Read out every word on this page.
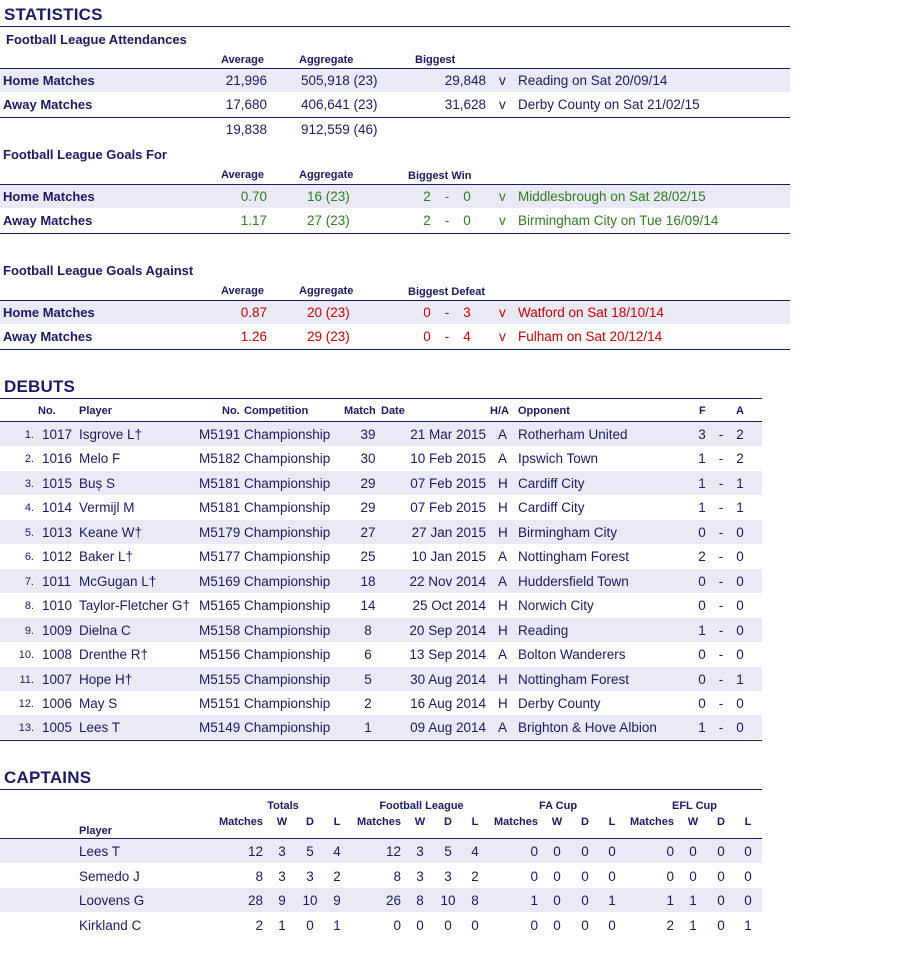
STATISTICS
Football League Attendances
Average	Aggregate	Biggest
Home Matches	21,996	505,918 (23)	29,848 v Reading on Sat 20/09/14
Away Matches	17,680	406,641 (23)	31,628 v Derby County on Sat 21/02/15
19,838	912,559 (46)
Football League Goals For
Average	Aggregate	Biggest Win
Home Matches	0.70	16 (23)	2 - 0 v Middlesbrough on Sat 28/02/15
Away Matches	1.17	27 (23)	2 - 0 v Birmingham City on Tue 16/09/14
Football League Goals Against
Average	Aggregate	Biggest Defeat
Home Matches	0.87	20 (23)	0 - 3 v Watford on Sat 18/10/14
Away Matches	1.26	29 (23)	0 - 4 v Fulham on Sat 20/12/14
DEBUTS
No. Player	No. Competition	Match Date	H/A Opponent	F	A
1. 1017 Isgrove L†	M5191 Championship	39	21 Mar 2015 A Rotherham United	3 - 2
2. 1016 Melo F	M5182 Championship	30	10 Feb 2015 A Ipswich Town	1 - 2
3. 1015 Buș S	M5181 Championship	29	07 Feb 2015 H Cardiff City	1 - 1
4. 1014 Vermijl M	M5181 Championship	29	07 Feb 2015 H Cardiff City	1 - 1
5. 1013 Keane W†	M5179 Championship	27	27 Jan 2015 H Birmingham City	0 - 0
6. 1012 Baker L†	M5177 Championship	25	10 Jan 2015 A Nottingham Forest	2 - 0
7. 1011 McGugan L†	M5169 Championship	18	22 Nov 2014 A Huddersfield Town	0 - 0
8. 1010 Taylor-Fletcher G† M5165 Championship	14	25 Oct 2014 H Norwich City	0 - 0
9. 1009 Dielna C	M5158 Championship	8	20 Sep 2014 H Reading	1 - 0
10. 1008 Drenthe R†	M5156 Championship	6	13 Sep 2014 A Bolton Wanderers	0 - 0
11. 1007 Hope H†	M5155 Championship	5	30 Aug 2014 H Nottingham Forest	0 - 1
12. 1006 May S	M5151 Championship	2	16 Aug 2014 H Derby County	0 - 0
13. 1005 Lees T	M5149 Championship	1	09 Aug 2014 A Brighton & Hove Albion	1 - 0
CAPTAINS
Totals	Football League	FA Cup	EFL Cup
Matches	W	D	L	Matches	W	D	L	Matches	W	D	L	Matches	W	D	L
Player
Lees T	12	3	5	4	12	3	5	4	0	0	0	0	0	0	0	0
Semedo J	8	3	3	2	8	3	3	2	0	0	0	0	0	0	0	0
Loovens G	28	9	10	9	26	8	10	8	1	0	0	1	1	1	0	0
Kirkland C	2	1	0	1	0	0	0	0	0	0	0	0	2	1	0	1
